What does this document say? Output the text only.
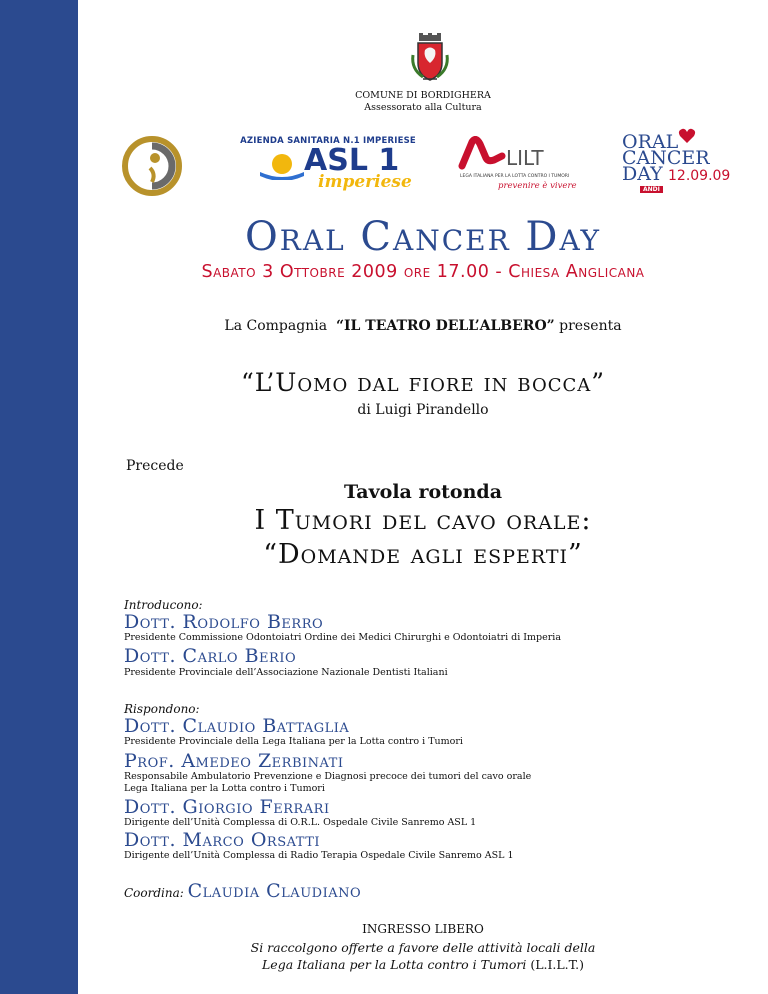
COMUNE DI BORDIGHERA
Assessorato alla Cultura
AZIENDA SANITARIA N.1 IMPERIESE
ASL 1
imperiese
LILT
LEGA ITALIANA PER LA LOTTA CONTRO I TUMORI
prevenire è vivere
ORAL
CANCER
DAY 12.09.09
ANDI
Oral Cancer Day
Sabato 3 Ottobre 2009 ore 17.00 - Chiesa Anglicana
La Compagnia “IL TEATRO DELL’ALBERO” presenta
“L’Uomo dal fiore in bocca”
di Luigi Pirandello
Precede
Tavola rotonda
I Tumori del cavo orale:
“Domande agli esperti”
Introducono:
Dott. Rodolfo Berro
Presidente Commissione Odontoiatri Ordine dei Medici Chirurghi e Odontoiatri di Imperia
Dott. Carlo Berio
Presidente Provinciale dell’Associazione Nazionale Dentisti Italiani
Rispondono:
Dott. Claudio Battaglia
Presidente Provinciale della Lega Italiana per la Lotta contro i Tumori
Prof. Amedeo Zerbinati
Responsabile Ambulatorio Prevenzione e Diagnosi precoce dei tumori del cavo orale
Lega Italiana per la Lotta contro i Tumori
Dott. Giorgio Ferrari
Dirigente dell’Unità Complessa di O.R.L. Ospedale Civile Sanremo ASL 1
Dott. Marco Orsatti
Dirigente dell’Unità Complessa di Radio Terapia Ospedale Civile Sanremo ASL 1
Coordina: Claudia Claudiano
INGRESSO LIBERO
Si raccolgono offerte a favore delle attività locali della
Lega Italiana per la Lotta contro i Tumori (L.I.L.T.)
